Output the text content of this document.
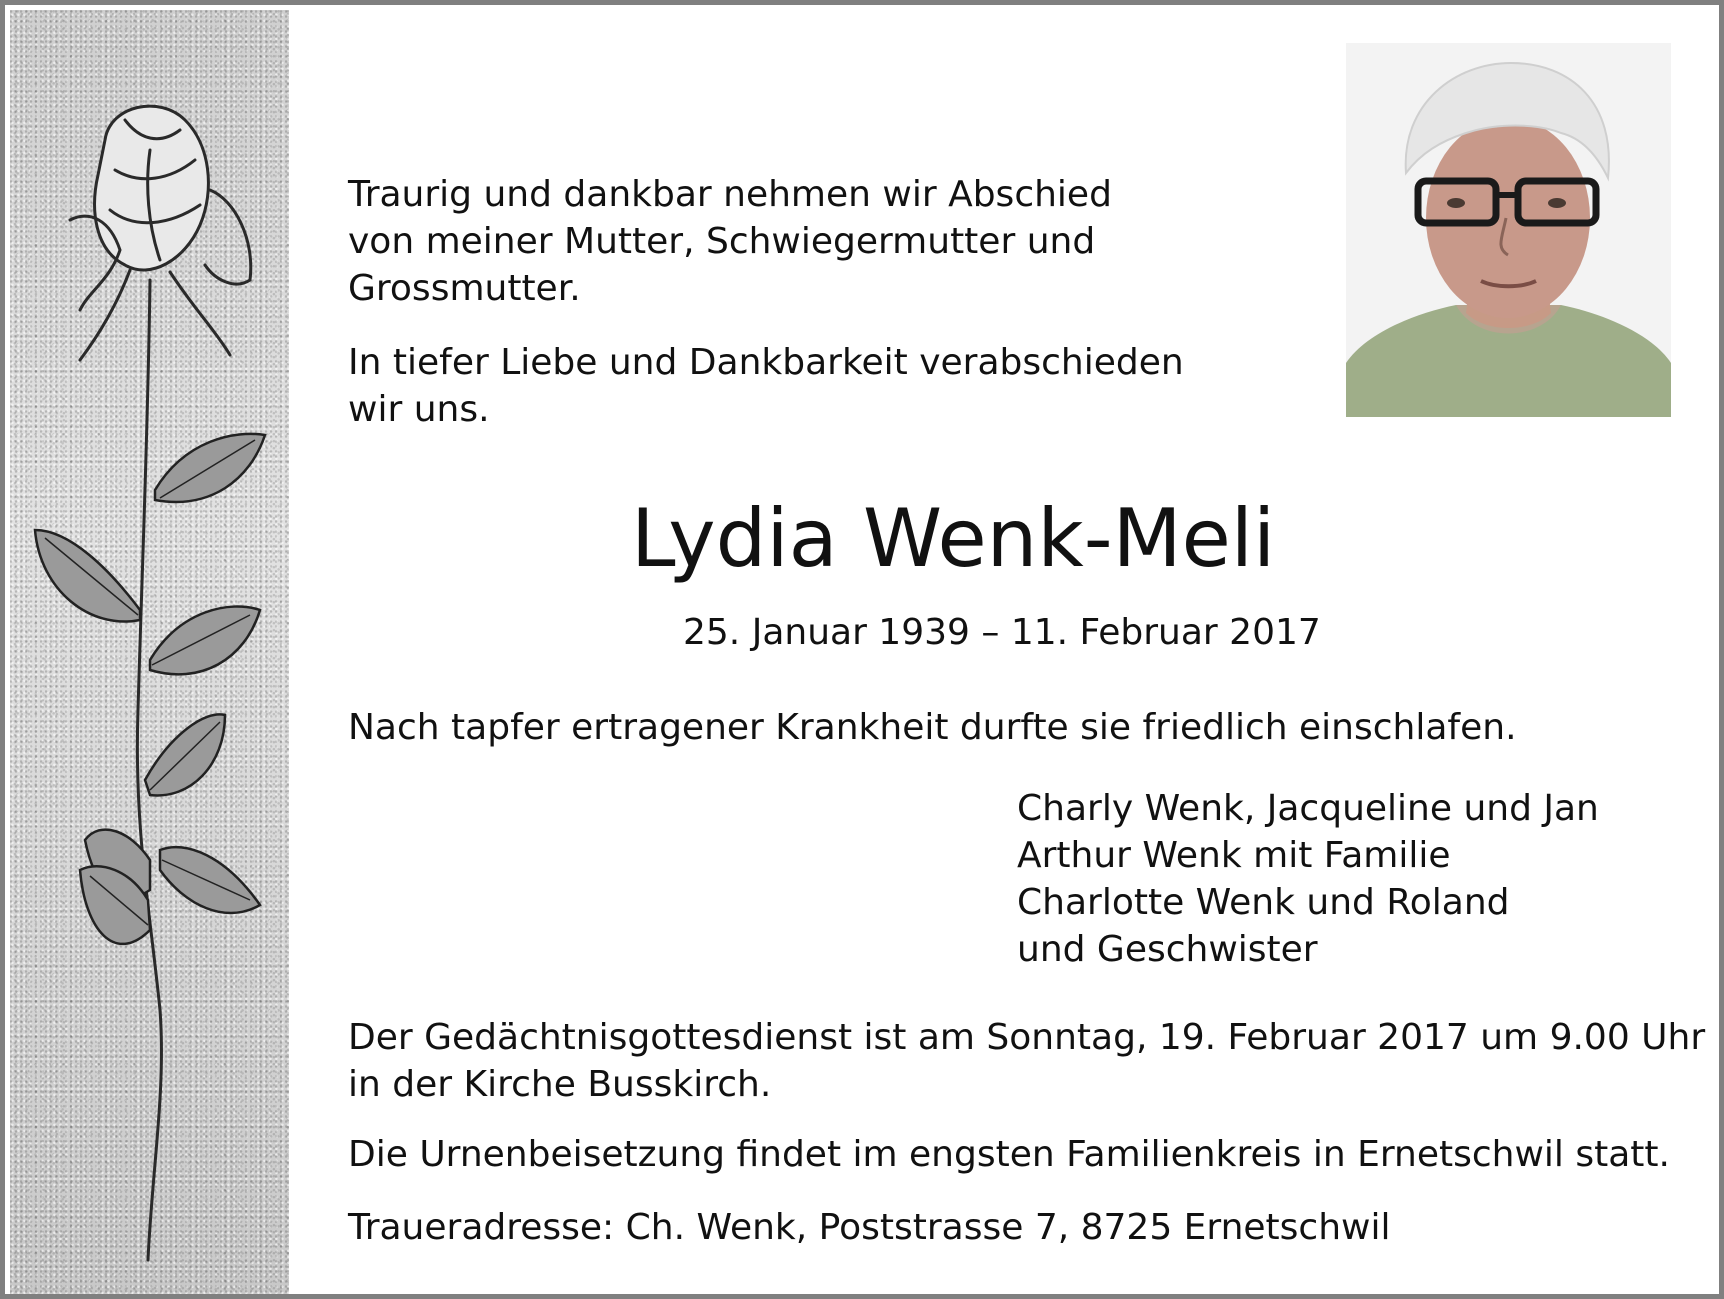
Traurig und dankbar nehmen wir Abschied
von meiner Mutter, Schwiegermutter und
Grossmutter.
In tiefer Liebe und Dankbarkeit verabschieden
wir uns.
Lydia Wenk-Meli
25. Januar 1939 – 11. Februar 2017
Nach tapfer ertragener Krankheit durfte sie friedlich einschlafen.
Charly Wenk, Jacqueline und Jan
Arthur Wenk mit Familie
Charlotte Wenk und Roland
und Geschwister
Der Gedächtnisgottesdienst ist am Sonntag, 19. Februar 2017 um 9.00 Uhr
in der Kirche Busskirch.
Die Urnenbeisetzung findet im engsten Familienkreis in Ernetschwil statt.
Traueradresse: Ch. Wenk, Poststrasse 7, 8725 Ernetschwil
